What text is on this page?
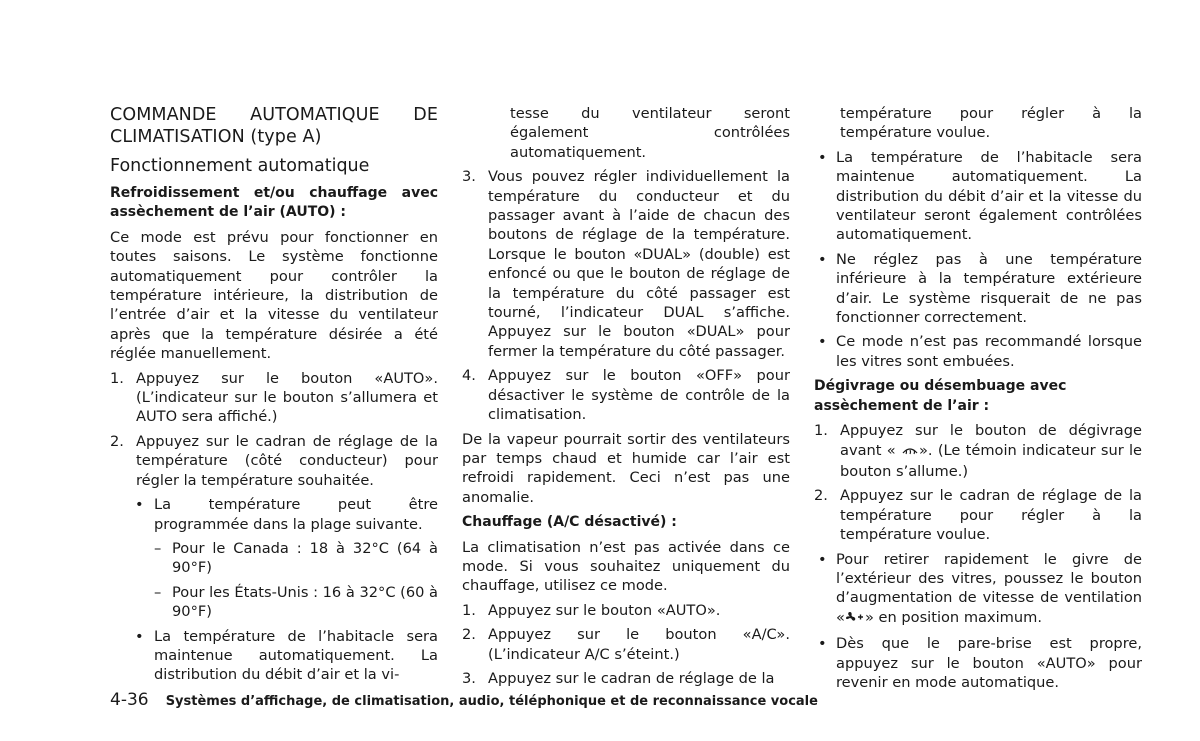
COMMANDE AUTOMATIQUE DE CLIMATISATION (type A)
Fonctionnement automatique
Refroidissement et/ou chauffage avec assèchement de l’air (AUTO) :

Ce mode est prévu pour fonctionner en toutes saisons. Le système fonctionne automatiquement pour contrôler la température intérieure, la distribution de l’entrée d’air et la vitesse du ventilateur après que la température désirée a été réglée manuellement.

1. Appuyez sur le bouton «AUTO». (L’indicateur sur le bouton s’allumera et AUTO sera affiché.)
2. Appuyez sur le cadran de réglage de la température (côté conducteur) pour régler la température souhaitée.
• La température peut être programmée dans la plage suivante.
– Pour le Canada : 18 à 32°C (64 à 90°F)
– Pour les États-Unis : 16 à 32°C (60 à 90°F)
• La température de l’habitacle sera maintenue automatiquement. La distribution du débit d’air et la vi-
tesse du ventilateur seront également contrôlées automatiquement.
3. Vous pouvez régler individuellement la température du conducteur et du passager avant à l’aide de chacun des boutons de réglage de la température. Lorsque le bouton «DUAL» (double) est enfoncé ou que le bouton de réglage de la température du côté passager est tourné, l’indicateur DUAL s’affiche. Appuyez sur le bouton «DUAL» pour fermer la température du côté passager.
4. Appuyez sur le bouton «OFF» pour désactiver le système de contrôle de la climatisation.

De la vapeur pourrait sortir des ventilateurs par temps chaud et humide car l’air est refroidi rapidement. Ceci n’est pas une anomalie.

Chauffage (A/C désactivé) :

La climatisation n’est pas activée dans ce mode. Si vous souhaitez uniquement du chauffage, utilisez ce mode.

1. Appuyez sur le bouton «AUTO».
2. Appuyez sur le bouton «A/C». (L’indicateur A/C s’éteint.)
3. Appuyez sur le cadran de réglage de la
température pour régler à la température voulue.
• La température de l’habitacle sera maintenue automatiquement. La distribution du débit d’air et la vitesse du ventilateur seront également contrôlées automatiquement.
• Ne réglez pas à une température inférieure à la température extérieure d’air. Le système risquerait de ne pas fonctionner correctement.
• Ce mode n’est pas recommandé lorsque les vitres sont embuées.
Dégivrage ou désembuage avec assèchement de l’air :
1. Appuyez sur le bouton de dégivrage avant « ». (Le témoin indicateur sur le bouton s’allume.)
2. Appuyez sur le cadran de réglage de la température pour régler à la température voulue.
• Pour retirer rapidement le givre de l’extérieur des vitres, poussez le bouton d’augmentation de vitesse de ventilation « » en position maximum.
• Dès que le pare-brise est propre, appuyez sur le bouton «AUTO» pour revenir en mode automatique.
4-36 Systèmes d’affichage, de climatisation, audio, téléphonique et de reconnaissance vocale
